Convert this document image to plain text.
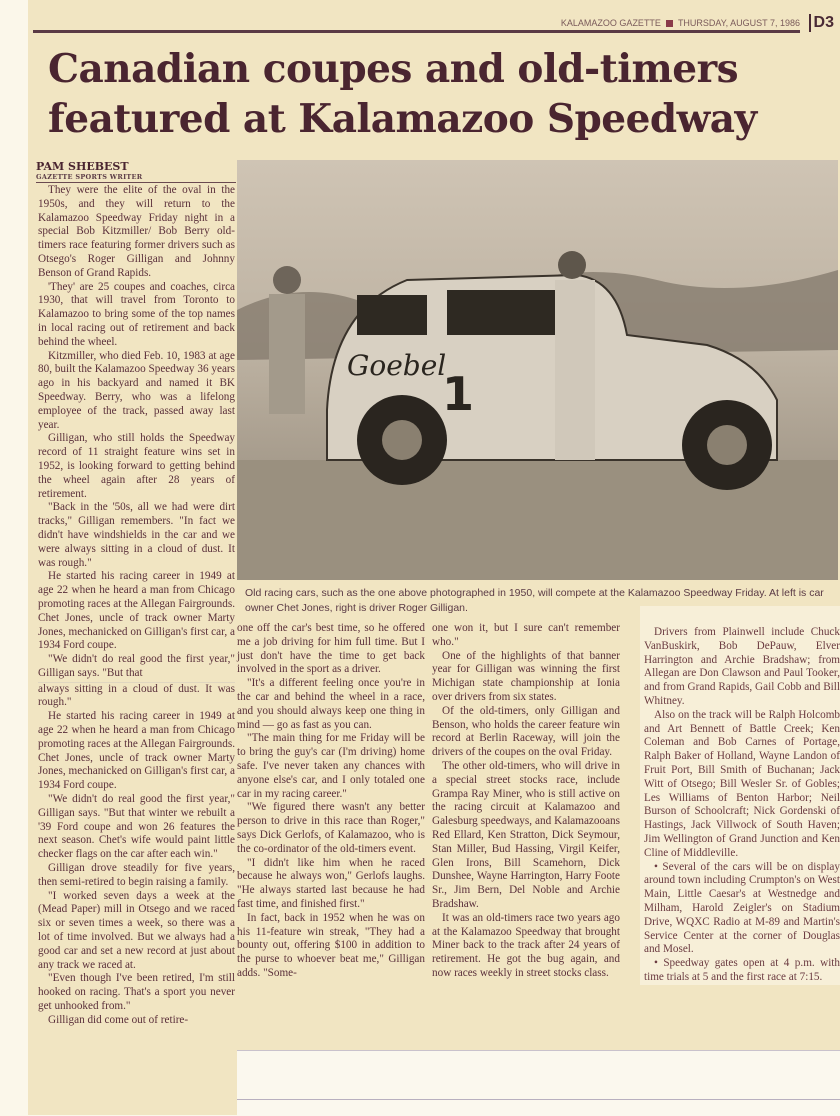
KALAMAZOO GAZETTE THURSDAY, AUGUST 7, 1986 D3
Canadian coupes and old-timers featured at Kalamazoo Speedway
PAM SHEBEST
GAZETTE SPORTS WRITER

They were the elite of the oval in the 1950s, and they will return to the Kalamazoo Speedway Friday night in a special Bob Kitzmiller/ Bob Berry old-timers race featuring former drivers such as Otsego's Roger Gilligan and Johnny Benson of Grand Rapids.

'They' are 25 coupes and coaches, circa 1930, that will travel from Toronto to Kalamazoo to bring some of the top names in local racing out of retirement and back behind the wheel.

Kitzmiller, who died Feb. 10, 1983 at age 80, built the Kalamazoo Speedway 36 years ago in his backyard and named it BK Speedway. Berry, who was a lifelong employee of the track, passed away last year.

Gilligan, who still holds the Speedway record of 11 straight feature wins set in 1952, is looking forward to getting behind the wheel again after 28 years of retirement.

"Back in the '50s, all we had were dirt tracks," Gilligan remembers. "In fact we didn't have windshields in the car and we were always sitting in a cloud of dust. It was rough."

He started his racing career in 1949 at age 22 when he heard a man from Chicago promoting races at the Allegan Fairgrounds. Chet Jones, uncle of track owner Marty Jones, mechanicked on Gilligan's first car, a 1934 Ford coupe.

"We didn't do real good the first year," Gilligan says. "But that

always sitting in a cloud of dust. It was rough."

He started his racing career in 1949 at age 22 when he heard a man from Chicago promoting races at the Allegan Fairgrounds. Chet Jones, uncle of track owner Marty Jones, mechanicked on Gilligan's first car, a 1934 Ford coupe.

"We didn't do real good the first year," Gilligan says. "But that winter we rebuilt a '39 Ford coupe and won 26 features the next season. Chet's wife would paint little checker flags on the car after each win."

Gilligan drove steadily for five years, then semi-retired to begin raising a family.

"I worked seven days a week at the (Mead Paper) mill in Otsego and we raced six or seven times a week, so there was a lot of time involved. But we always had a good car and set a new record at just about any track we raced at.

"Even though I've been retired, I'm still hooked on racing. That's a sport you never get unhooked from."

Gilligan did come out of retire-

Goebel
1
Old racing cars, such as the one above photographed in 1950, will compete at the Kalamazoo Speedway Friday. At left is car owner Chet Jones, right is driver Roger Gilligan.

one off the car's best time, so he offered me a job driving for him full time. But I just don't have the time to get back involved in the sport as a driver.

"It's a different feeling once you're in the car and behind the wheel in a race, and you should always keep one thing in mind — go as fast as you can.

"The main thing for me Friday will be to bring the guy's car (I'm driving) home safe. I've never taken any chances with anyone else's car, and I only totaled one car in my racing career."

"We figured there wasn't any better person to drive in this race than Roger," says Dick Gerlofs, of Kalamazoo, who is the co-ordinator of the old-timers event.

"I didn't like him when he raced because he always won," Gerlofs laughs. "He always started last because he had fast time, and finished first."

In fact, back in 1952 when he was on his 11-feature win streak, "They had a bounty out, offering $100 in addition to the purse to whoever beat me," Gilligan adds. "Some-

one won it, but I sure can't remember who."

One of the highlights of that banner year for Gilligan was winning the first Michigan state championship at Ionia over drivers from six states.

Of the old-timers, only Gilligan and Benson, who holds the career feature win record at Berlin Raceway, will join the drivers of the coupes on the oval Friday.

The other old-timers, who will drive in a special street stocks race, include Grampa Ray Miner, who is still active on the racing circuit at Kalamazoo and Galesburg speedways, and Kalamazooans Red Ellard, Ken Stratton, Dick Seymour, Stan Miller, Bud Hassing, Virgil Keifer, Glen Irons, Bill Scamehorn, Dick Dunshee, Wayne Harrington, Harry Foote Sr., Jim Bern, Del Noble and Archie Bradshaw.

It was an old-timers race two years ago at the Kalamazoo Speedway that brought Miner back to the track after 24 years of retirement. He got the bug again, and now races weekly in street stocks class.

Drivers from Plainwell include Chuck VanBuskirk, Bob DePauw, Elver Harrington and Archie Bradshaw; from Allegan are Don Clawson and Paul Tooker, and from Grand Rapids, Gail Cobb and Bill Whitney.

Also on the track will be Ralph Holcomb and Art Bennett of Battle Creek; Ken Coleman and Bob Carnes of Portage, Ralph Baker of Holland, Wayne Landon of Fruit Port, Bill Smith of Buchanan; Jack Witt of Otsego; Bill Wesler Sr. of Gobles; Les Williams of Benton Harbor; Neil Burson of Schoolcraft; Nick Gordenski of Hastings, Jack Villwock of South Haven; Jim Wellington of Grand Junction and Ken Cline of Middleville.

• Several of the cars will be on display around town including Crumpton's on West Main, Little Caesar's at Westnedge and Milham, Harold Zeigler's on Stadium Drive, WQXC Radio at M-89 and Martin's Service Center at the corner of Douglas and Mosel.

• Speedway gates open at 4 p.m. with time trials at 5 and the first race at 7:15.
